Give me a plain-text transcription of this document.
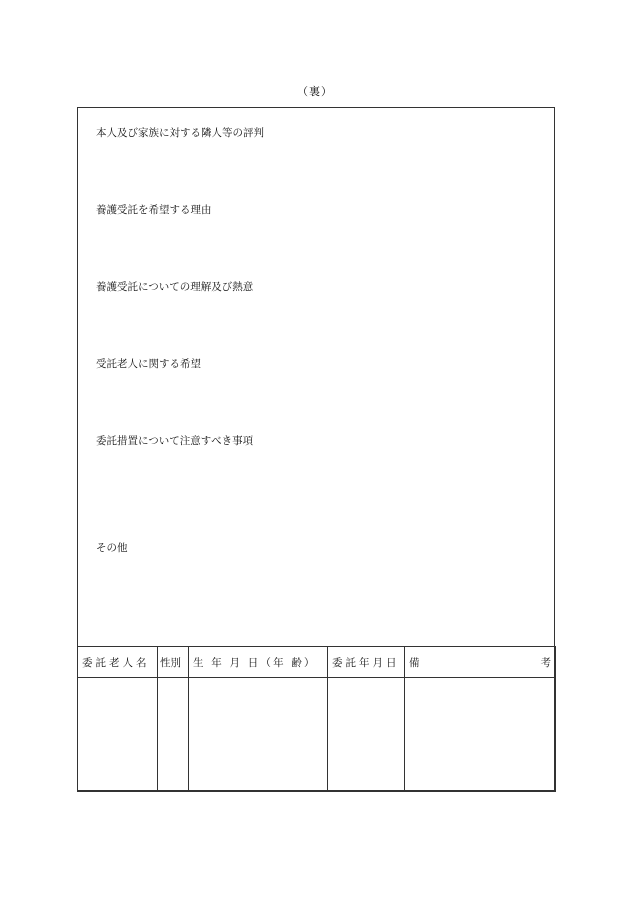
（裏）
本人及び家族に対する隣人等の評判
養護受託を希望する理由
養護受託についての理解及び熱意
受託老人に関する希望
委託措置について注意すべき事項
その他
委託老人名	性別	生 年 月 日（年 齢）	委託年月日	備 考
